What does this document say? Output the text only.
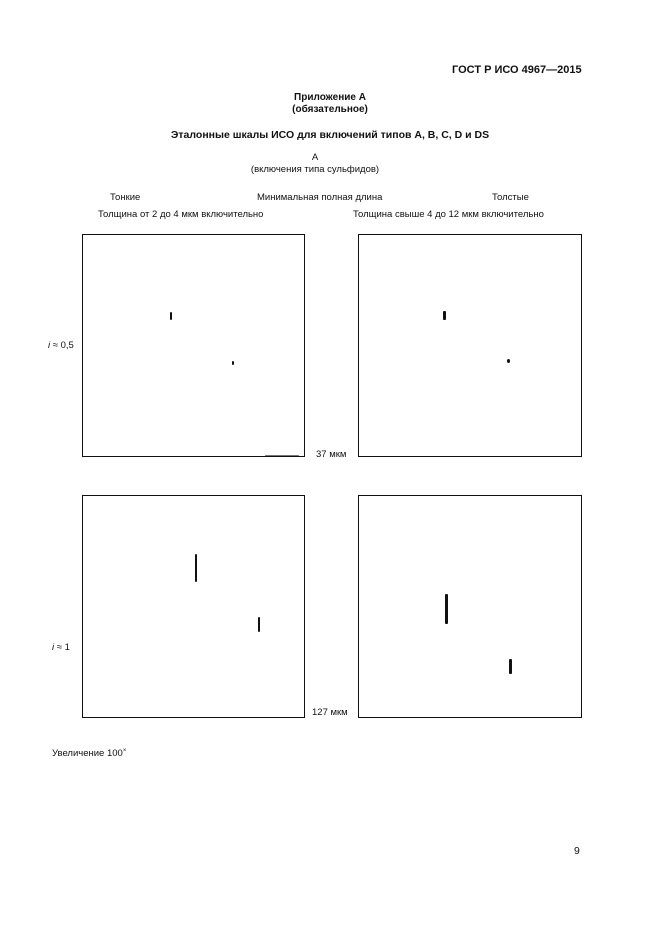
ГОСТ Р ИСО 4967—2015
Приложение А
(обязательное)
Эталонные шкалы ИСО для включений типов A, B, C, D и DS
A
(включения типа сульфидов)
Тонкие	Минимальная полная длина	Толстые
Толщина от 2 до 4 мкм включительно	Толщина свыше 4 до 12 мкм включительно
i ≈ 0,5
37 мкм
i ≈ 1
127 мкм
Увеличение 100×
9
